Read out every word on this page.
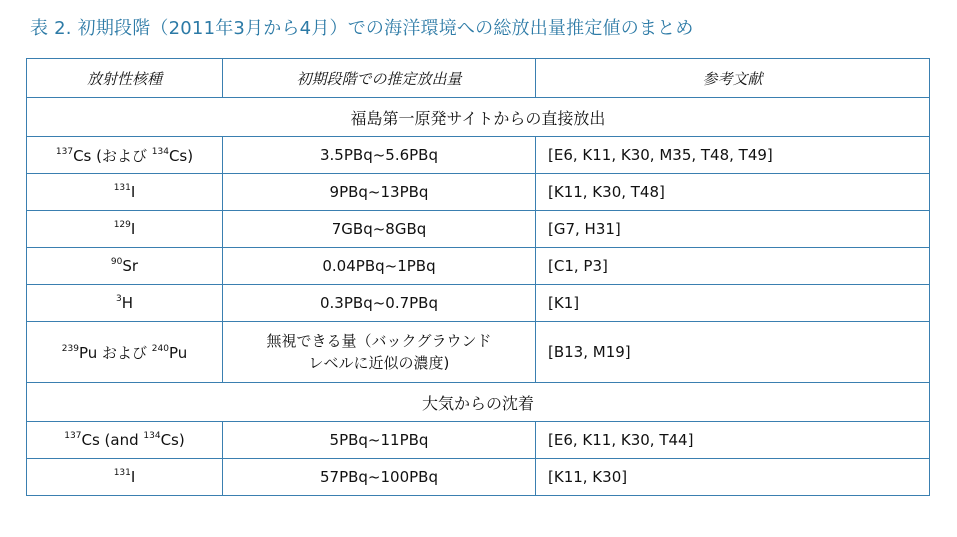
表 2. 初期段階（2011年3月から4月）での海洋環境への総放出量推定値のまとめ
放射性核種	初期段階での推定放出量	参考文献
福島第一原発サイトからの直接放出		
$^{137}$Cs (および $^{134}$Cs)	3.5PBq~5.6PBq	[E6, K11, K30, M35, T48, T49]
$^{131}$I	9PBq~13PBq	[K11, K30, T48]
$^{129}$I	7GBq~8GBq	[G7, H31]
$^{90}$Sr	0.04PBq~1PBq	[C1, P3]
$^3$H	0.3PBq~0.7PBq	[K1]
$^{239}$Pu および $^{240}$Pu	無視できる量（バックグラウンド
レベルに近似の濃度)	[B13, M19]
大気からの沈着		
$^{137}$Cs (and $^{134}$Cs)	5PBq~11PBq	[E6, K11, K30, T44]
$^{131}$I	57PBq~100PBq	[K11, K30]
